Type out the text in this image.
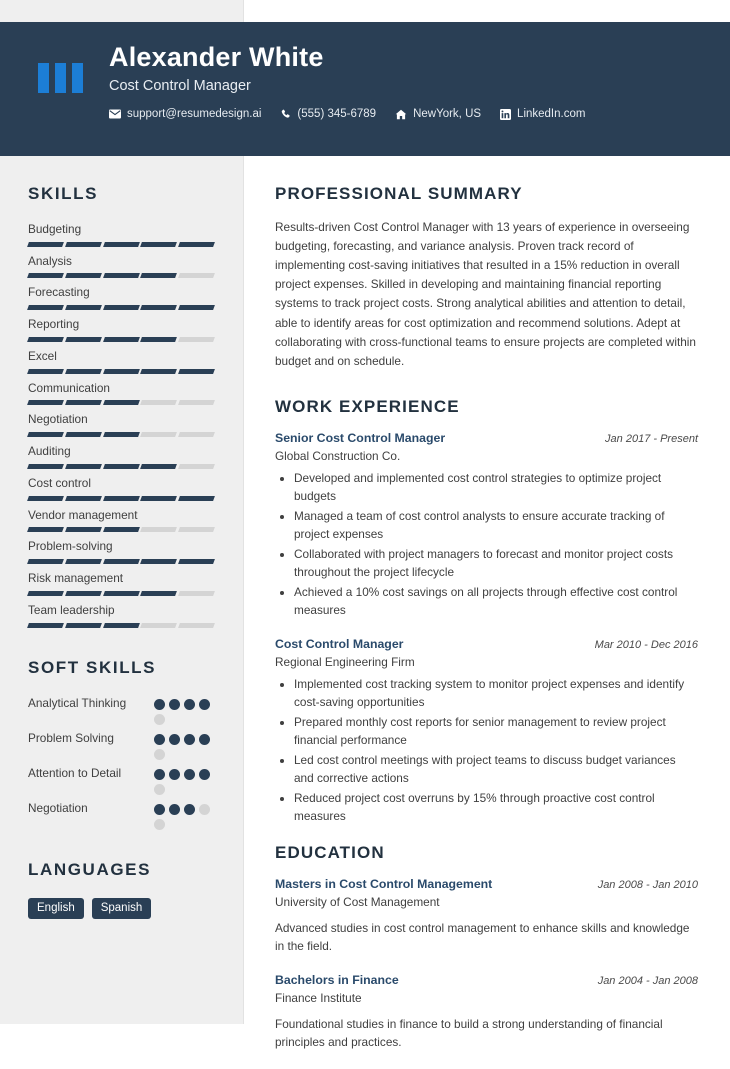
Alexander White
Cost Control Manager
support@resumedesign.ai	(555) 345-6789	NewYork, US	LinkedIn.com
SKILLS
Budgeting
Analysis
Forecasting
Reporting
Excel
Communication
Negotiation
Auditing
Cost control
Vendor management
Problem-solving
Risk management
Team leadership
SOFT SKILLS
Analytical Thinking
Problem Solving
Attention to Detail
Negotiation
LANGUAGES
English	Spanish
PROFESSIONAL SUMMARY

Results-driven Cost Control Manager with 13 years of experience in overseeing budgeting, forecasting, and variance analysis. Proven track record of implementing cost-saving initiatives that resulted in a 15% reduction in overall project expenses. Skilled in developing and maintaining financial reporting systems to track project costs. Strong analytical abilities and attention to detail, able to identify areas for cost optimization and recommend solutions. Adept at collaborating with cross-functional teams to ensure projects are completed within budget and on schedule.

WORK EXPERIENCE
Senior Cost Control Manager	Jan 2017 - Present
Global Construction Co.
• Developed and implemented cost control strategies to optimize project budgets
• Managed a team of cost control analysts to ensure accurate tracking of project expenses
• Collaborated with project managers to forecast and monitor project costs throughout the project lifecycle
• Achieved a 10% cost savings on all projects through effective cost control measures
Cost Control Manager	Mar 2010 - Dec 2016
Regional Engineering Firm
• Implemented cost tracking system to monitor project expenses and identify cost-saving opportunities
• Prepared monthly cost reports for senior management to review project financial performance
• Led cost control meetings with project teams to discuss budget variances and corrective actions
• Reduced project cost overruns by 15% through proactive cost control measures
EDUCATION
Masters in Cost Control Management	Jan 2008 - Jan 2010
University of Cost Management

Advanced studies in cost control management to enhance skills and knowledge in the field.

Bachelors in Finance	Jan 2004 - Jan 2008
Finance Institute

Foundational studies in finance to build a strong understanding of financial principles and practices.
